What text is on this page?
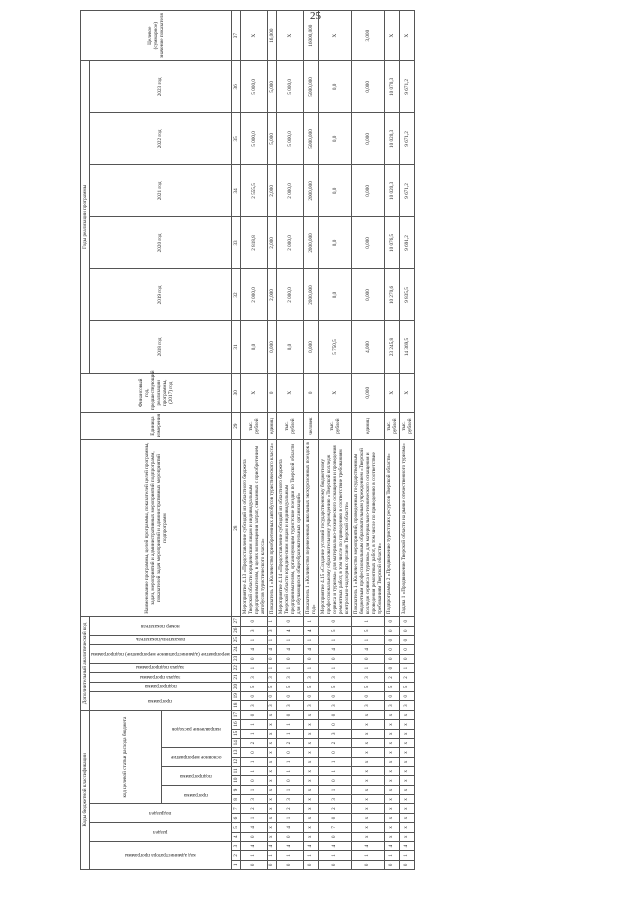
25
Коды бюджетной классификации																	Дополнительный аналитический код										Наименование программы, целей программы, показателей целей программы, задач, мероприятий и административных мероприятий подпрограмм, показателей задач мероприятий и административных мероприятий подпрограмм	Единица измерения	Финансовый год, предшествующий реализации программы, (2017) год	Годы реализации программы						Целевое (суммарное) значение показателя

код администратора программы			раздел		подраздел		код целевой статьи расхода бюджета										программа		подпрограмма	задача программы	задача подпрограммы	мероприятие (административное мероприятие) подпрограммы		показатель/показатель	номер показателя					2018 год	2019 год	2020 год	2021 год	2022 год	2023 год	

							программа		подпрограмма		основное мероприятие		направление расходов																							

1	2	3	4	5	6	7	8	9	10	11	12	13	14	15	16	17	18	19	20	21	22	23	24	25	26	27	28	29	30	31	32	33	34	35	36	37
0	1	4	0	4	1	2	3	1	0	1	1	0	2	1	1	0	3	0	5	3	1	0	4	1	3	0	Мероприятие 4.13 «Предоставление субсидий из областного бюджета Тверской области юридическим лицам и индивидуальным предпринимателям, в целях возмещения затрат, связанных с приобретением автобусов туристического класса»	тыс. рублей	Х	0,0	2 000,0	2 818,8	2 555,5	5 000,0	5 000,0	Х
0	1	4	х	х	х	х	х	х	х	х	х	х	х	х	х	х	3	0	5	3	1	0	4	1	3	1	Показатель 1 «Количество приобретенных автобусов туристического класса»	единиц	0	0,000	2,000	2,000	2,000	5,000	5,000	16,000
0	1	4	0	4	1	2	3	1	0	1	1	0	2	1	1	0	3	0	5	3	1	0	4	1	4	0	Мероприятие 4.14 «Предоставление субсидий из областного бюджета Тверской области юридическим лицам и индивидуальным предпринимателям, организующим туристские поездки по Тверской области для обучающихся общеобразовательных организаций»	тыс. рублей	Х	0,0	2 000,0	2 000,0	2 000,0	5 000,0	5 000,0	Х
0	1	4	х	х	х	х	х	х	х	х	х	х	х	х	х	х	3	0	5	3	1	0	4	1	4	1	Показатель 1 «Количество перевезенных школьных экскурсионных поездок в год»	человек	0	0,000	2000,000	2000,000	2000,000	5000,000	5000,000	16000,000
0	1	4	0	7	0	2	3	1	0	1	1	0	2	3	0	0	3	0	5	3	1	0	4	1	5	0	Мероприятие 4.15 «Создание условий государственному бюджетному профессиональному образовательному учреждению «Тверской колледж сервиса и туризма» для материально-технического оснащения и проведения ремонтных работ, в том числе по приведению в соответствие требованиям контрольно-надзорных органов Тверской области»	тыс. рублей	Х	5 750,5	0,0	0,0	0,0	0,0	0,0	Х
0	1	4	х	х	х	х	х	х	х	х	х	х	х	х	х	х	3	0	5	3	1	0	4	1	5	1	Показатель 1 «Количество мероприятий, проведенных государственным бюджетным профессиональным образовательным учреждением «Тверской колледж сервиса и туризма» для материально-технического оснащения и проведения ремонтных работ, в том числе по приведению в соответствие требованиям Тверской области»	единиц	0,000	4,000	0,000	0,000	0,000	0,000	0,000	3,000
0	1	4	х	х	х	х	х	х	х	х	х	х	х	х	х	х	3	0	5	2	0	0	0	0	0	0	Подпрограмма 2 «Продвижение туристских ресурсов Тверской области»	тыс. рублей	Х	23 245,8	10 270,6	10 076,5	10 020,3	10 020,3	10 070,3	Х
0	1	4	х	х	х	х	х	х	х	х	х	х	х	х	х	х	3	0	5	2	1	0	0	0	0	0	Задача 1 «Продвижение Тверской области на рынке отечественного туризма»	тыс. рублей	Х	14 369,5	9 835,5	9 691,2	9 671,2	9 671,2	9 671,2	Х
